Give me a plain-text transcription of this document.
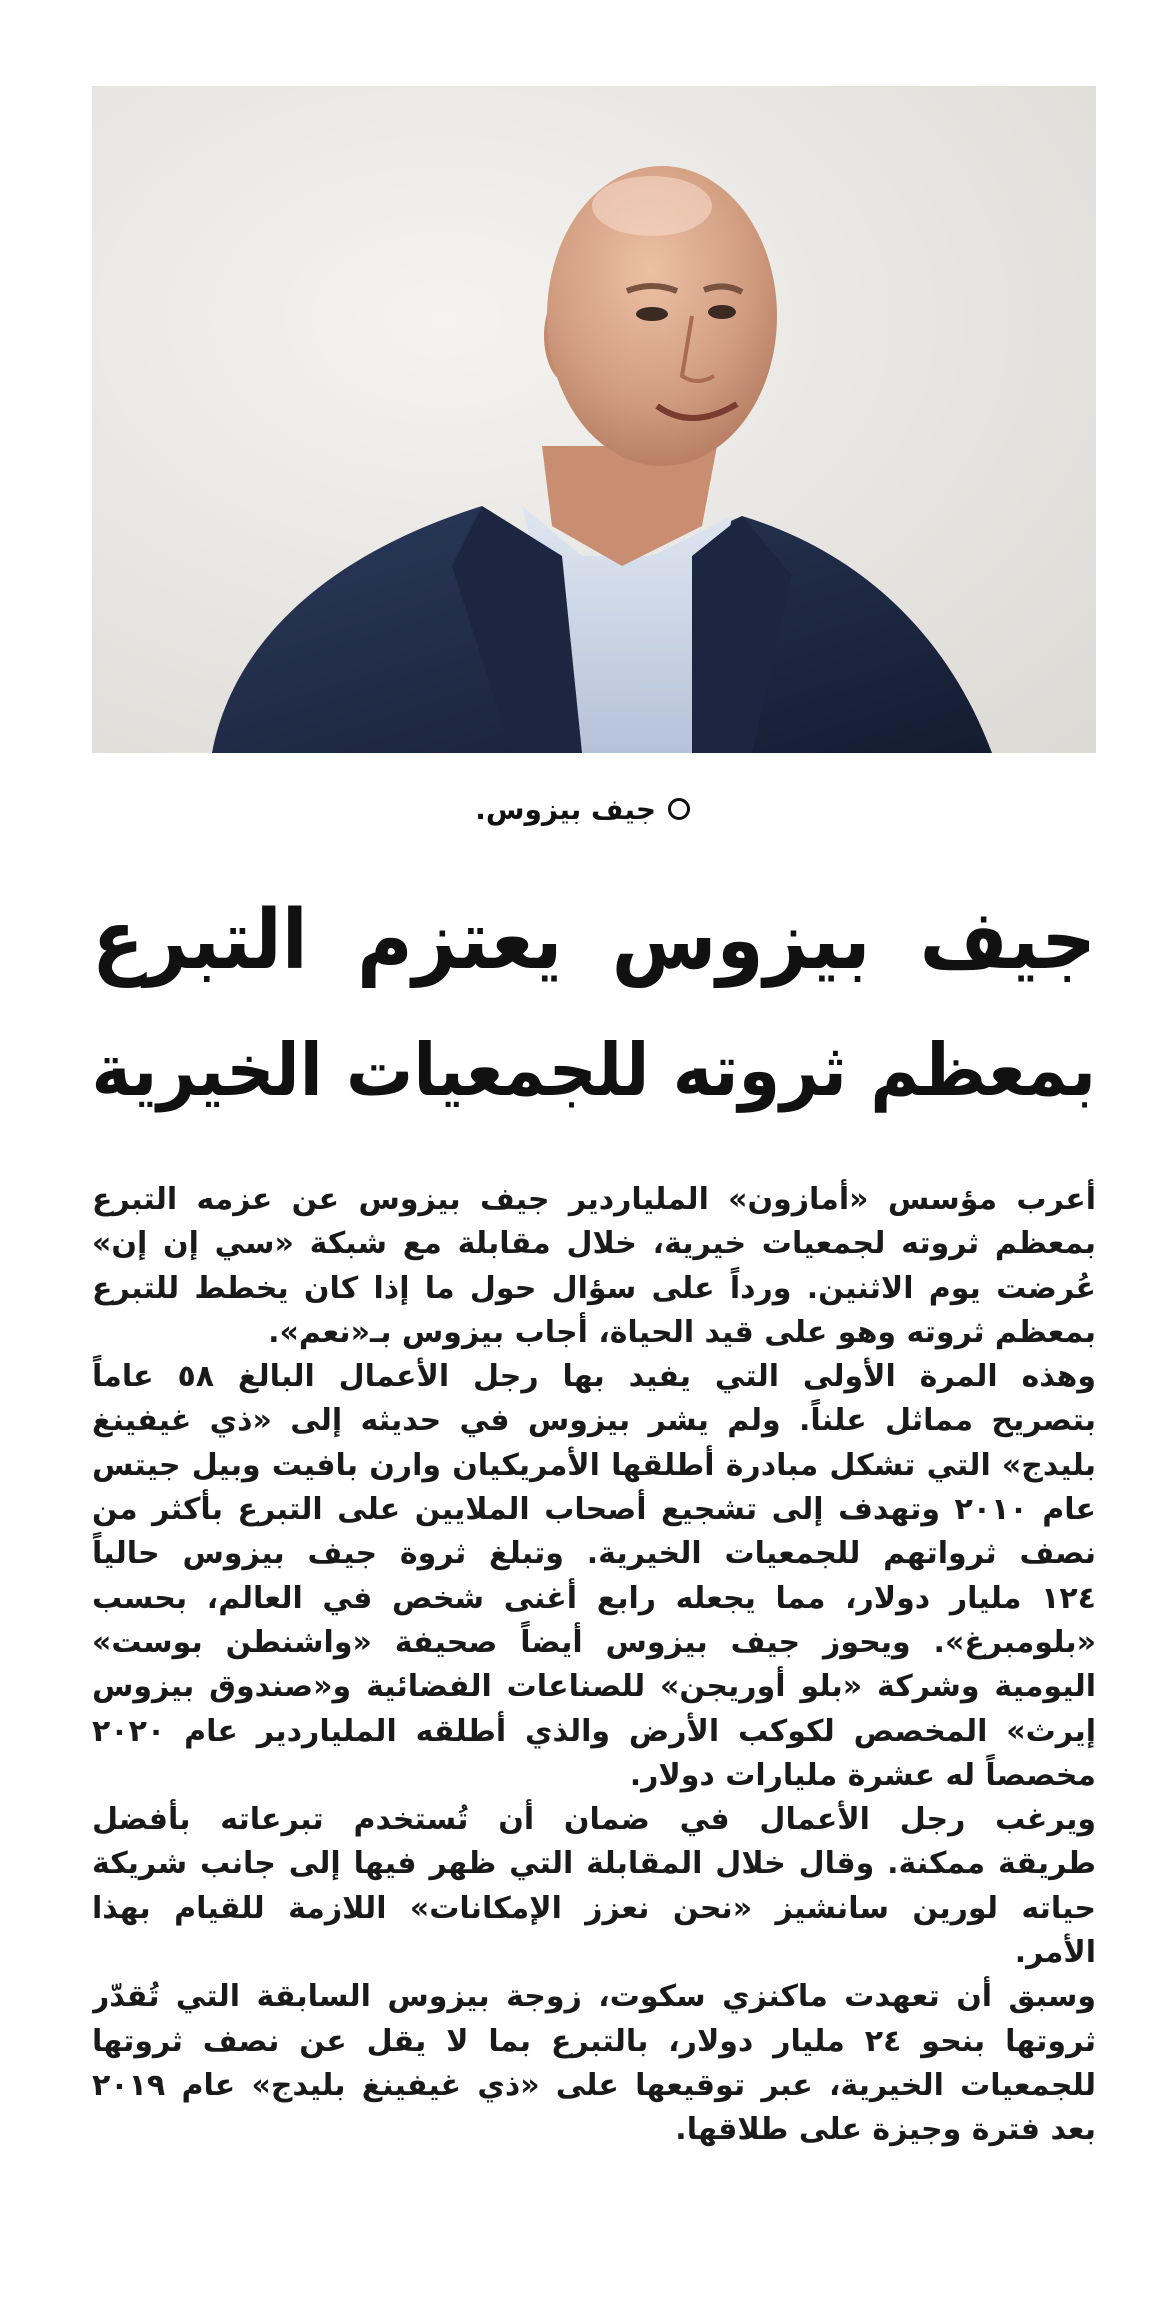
جيف بيزوس.
جيف بيزوس يعتزم التبرع
بمعظم ثروته للجمعيات الخيرية
أعرب مؤسس «أمازون» الملياردير جيف بيزوس عن عزمه التبرع
بمعظم ثروته لجمعيات خيرية، خلال مقابلة مع شبكة «سي إن إن»
عُرضت يوم الاثنين. ورداً على سؤال حول ما إذا كان يخطط للتبرع
بمعظم ثروته وهو على قيد الحياة، أجاب بيزوس بـ«نعم».
وهذه المرة الأولى التي يفيد بها رجل الأعمال البالغ ٥٨ عاماً
بتصريح مماثل علناً. ولم يشر بيزوس في حديثه إلى «ذي غيفينغ
بليدج» التي تشكل مبادرة أطلقها الأمريكيان وارن بافيت وبيل جيتس
عام ٢٠١٠ وتهدف إلى تشجيع أصحاب الملايين على التبرع بأكثر من
نصف ثرواتهم للجمعيات الخيرية. وتبلغ ثروة جيف بيزوس حالياً
١٢٤ مليار دولار، مما يجعله رابع أغنى شخص في العالم، بحسب
«بلومبرغ». ويحوز جيف بيزوس أيضاً صحيفة «واشنطن بوست»
اليومية وشركة «بلو أوريجن» للصناعات الفضائية و«صندوق بيزوس
إيرث» المخصص لكوكب الأرض والذي أطلقه الملياردير عام ٢٠٢٠
مخصصاً له عشرة مليارات دولار.
ويرغب رجل الأعمال في ضمان أن تُستخدم تبرعاته بأفضل
طريقة ممكنة. وقال خلال المقابلة التي ظهر فيها إلى جانب شريكة
حياته لورين سانشيز «نحن نعزز الإمكانات» اللازمة للقيام بهذا
الأمر.
وسبق أن تعهدت ماكنزي سكوت، زوجة بيزوس السابقة التي تُقدّر
ثروتها بنحو ٢٤ مليار دولار، بالتبرع بما لا يقل عن نصف ثروتها
للجمعيات الخيرية، عبر توقيعها على «ذي غيفينغ بليدج» عام ٢٠١٩
بعد فترة وجيزة على طلاقها.
